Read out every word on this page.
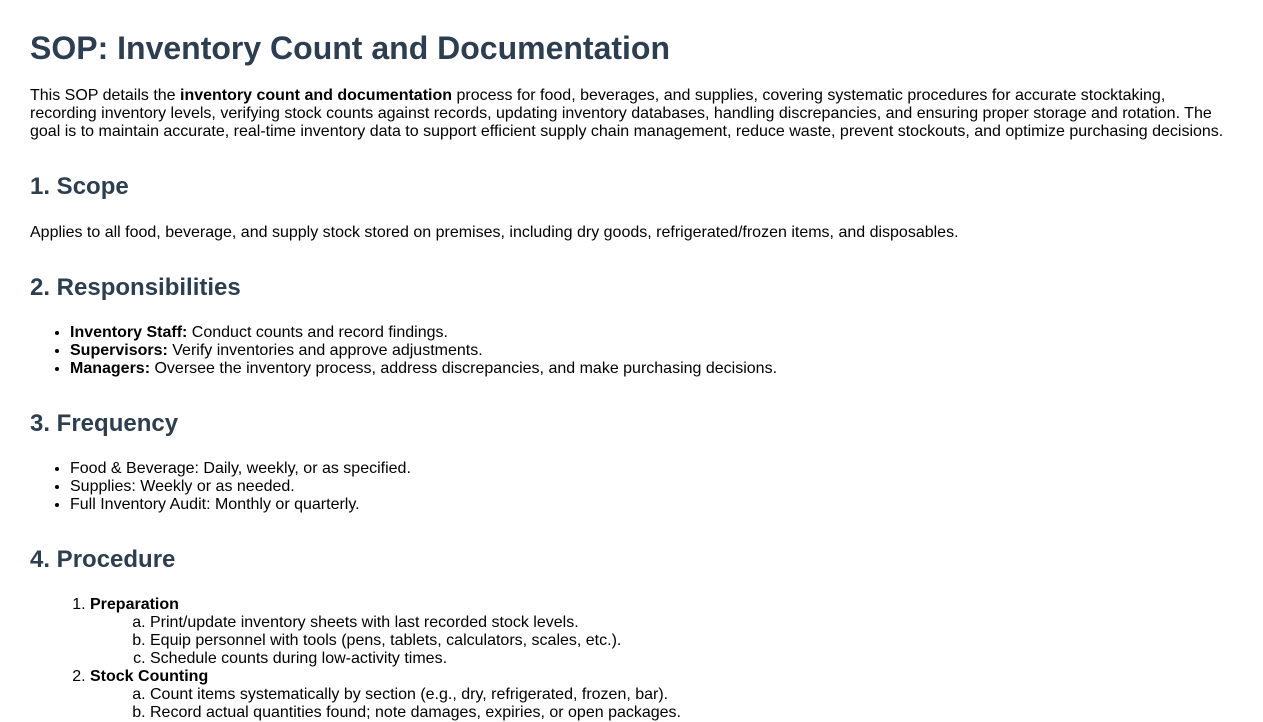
SOP: Inventory Count and Documentation

This SOP details the inventory count and documentation process for food, beverages, and supplies, covering systematic procedures for accurate stocktaking, recording inventory levels, verifying stock counts against records, updating inventory databases, handling discrepancies, and ensuring proper storage and rotation. The goal is to maintain accurate, real-time inventory data to support efficient supply chain management, reduce waste, prevent stockouts, and optimize purchasing decisions.

1. Scope

Applies to all food, beverage, and supply stock stored on premises, including dry goods, refrigerated/frozen items, and disposables.

2. Responsibilities
• Inventory Staff: Conduct counts and record findings.
• Supervisors: Verify inventories and approve adjustments.
• Managers: Oversee the inventory process, address discrepancies, and make purchasing decisions.
3. Frequency
• Food & Beverage: Daily, weekly, or as specified.
• Supplies: Weekly or as needed.
• Full Inventory Audit: Monthly or quarterly.
4. Procedure
1. Preparation
a. Print/update inventory sheets with last recorded stock levels.
b. Equip personnel with tools (pens, tablets, calculators, scales, etc.).
c. Schedule counts during low-activity times.
2. Stock Counting
a. Count items systematically by section (e.g., dry, refrigerated, frozen, bar).
b. Record actual quantities found; note damages, expiries, or open packages.
